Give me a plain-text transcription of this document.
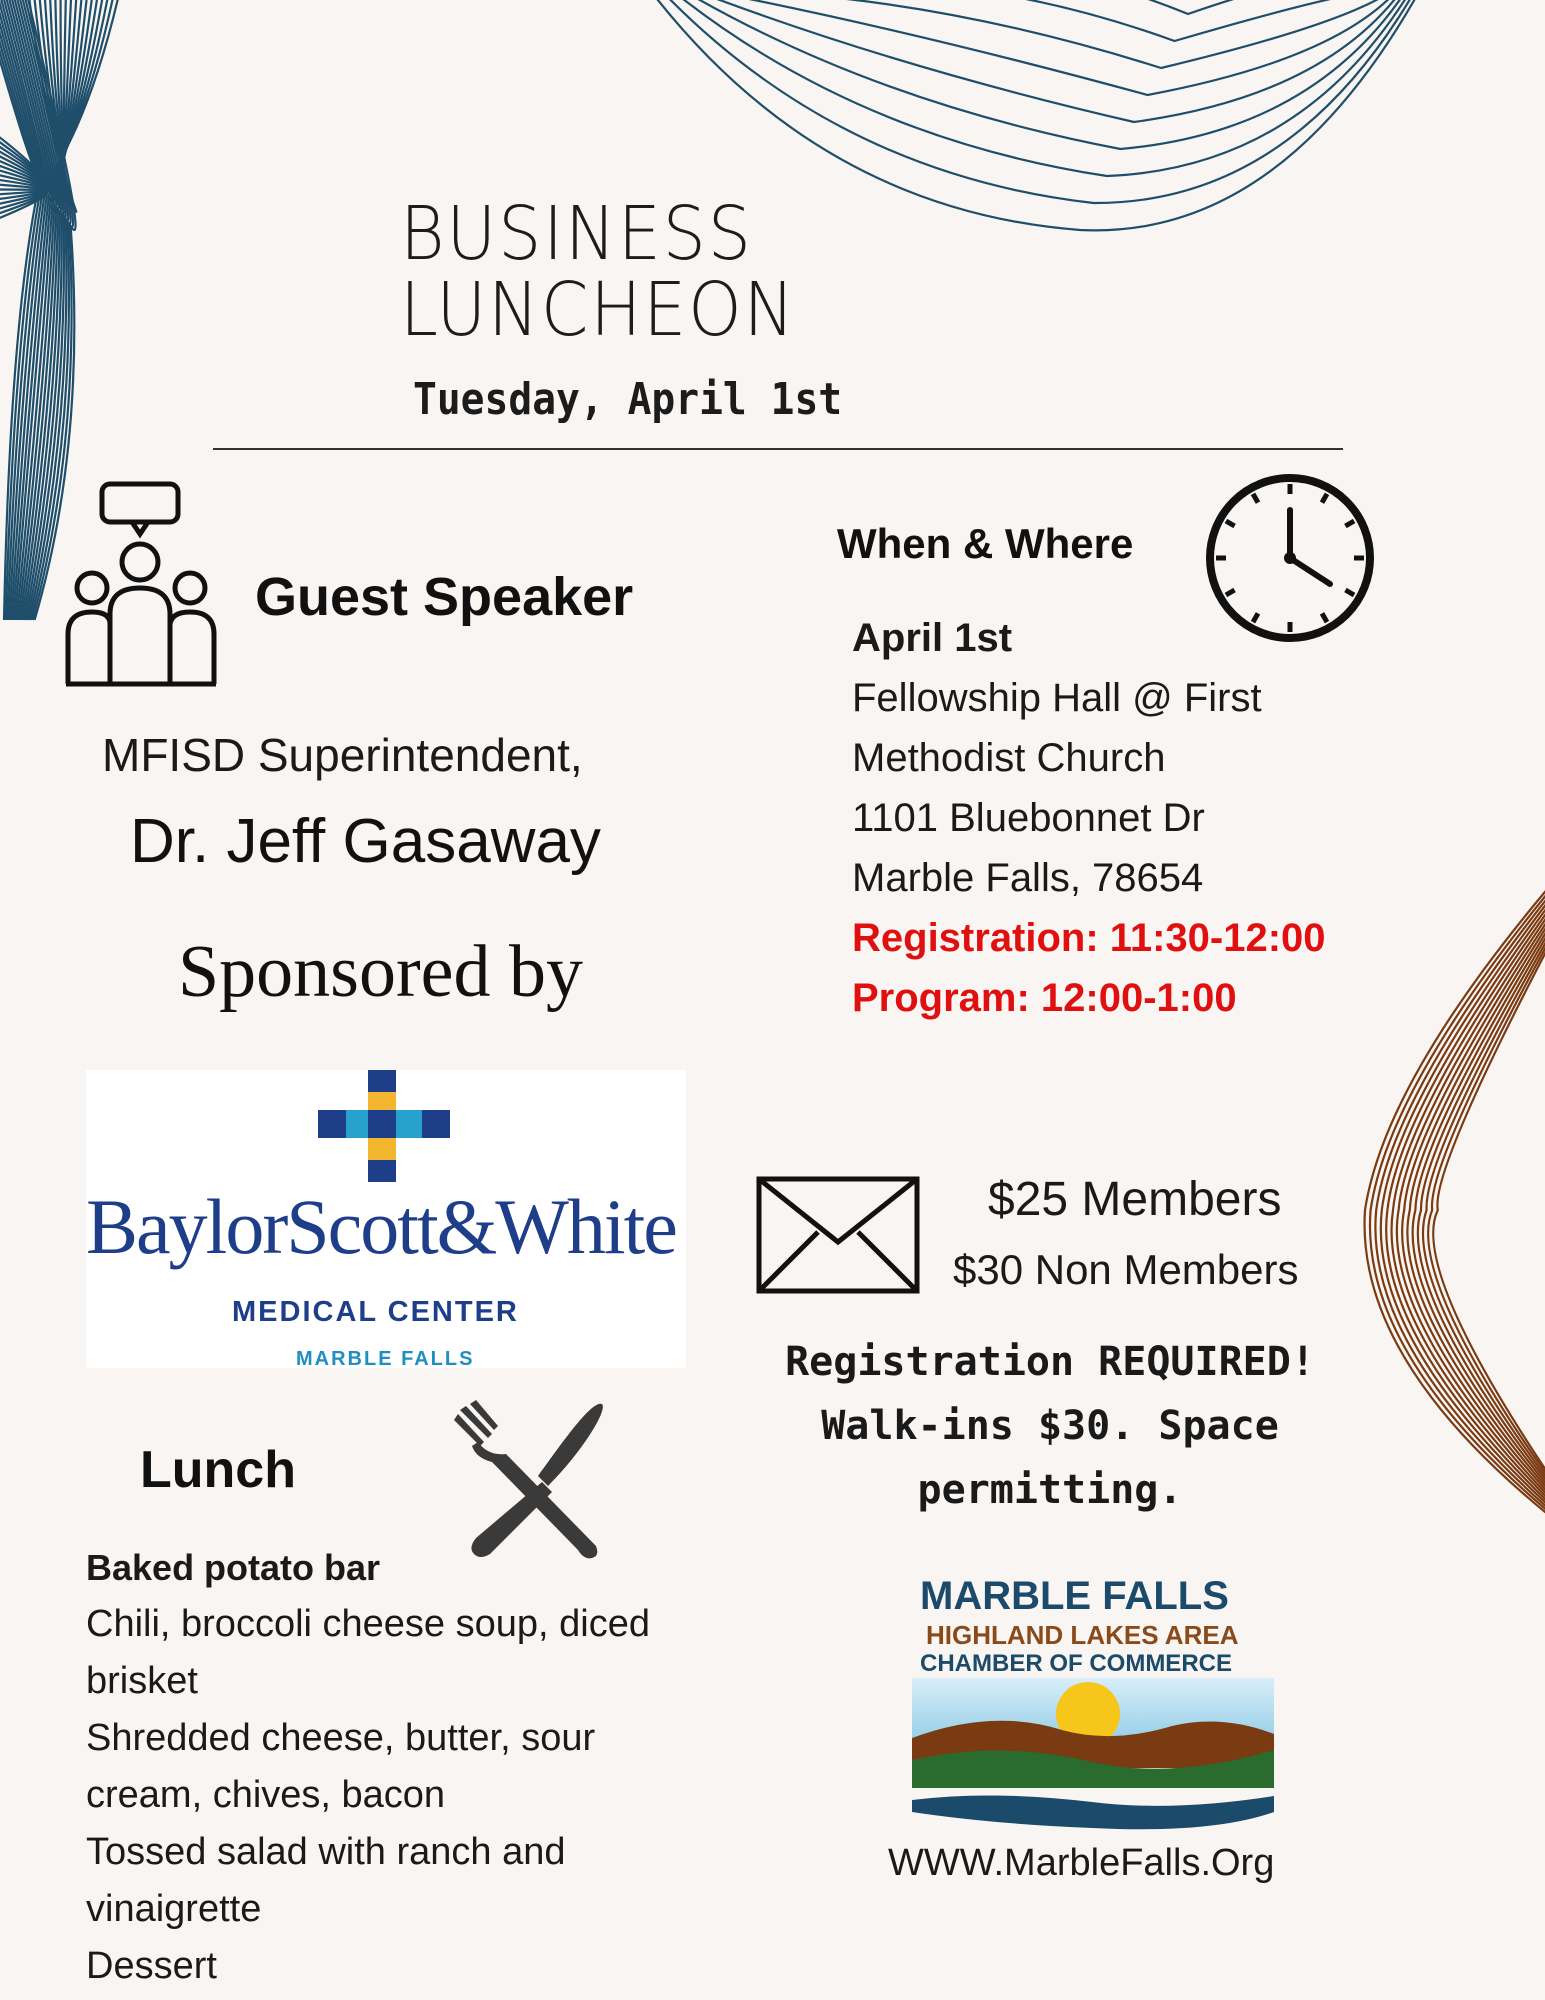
BUSINESS
LUNCHEON
Tuesday, April 1st
Guest Speaker
MFISD Superintendent,
Dr. Jeff Gasaway
When & Where
April 1st
Fellowship Hall @ First
Methodist Church
1101 Bluebonnet Dr
Marble Falls, 78654
Registration: 11:30-12:00
Program: 12:00-1:00
Sponsored by
BaylorScott&White
MEDICAL CENTER
MARBLE FALLS
$25 Members
$30 Non Members
Registration REQUIRED!
Walk-ins $30. Space permitting.
Lunch
Baked potato bar
Chili, broccoli cheese soup, diced
brisket
Shredded cheese, butter, sour
cream, chives, bacon
Tossed salad with ranch and
vinaigrette
Dessert
MARBLE FALLS
HIGHLAND LAKES AREA
CHAMBER OF COMMERCE
WWW.MarbleFalls.Org
